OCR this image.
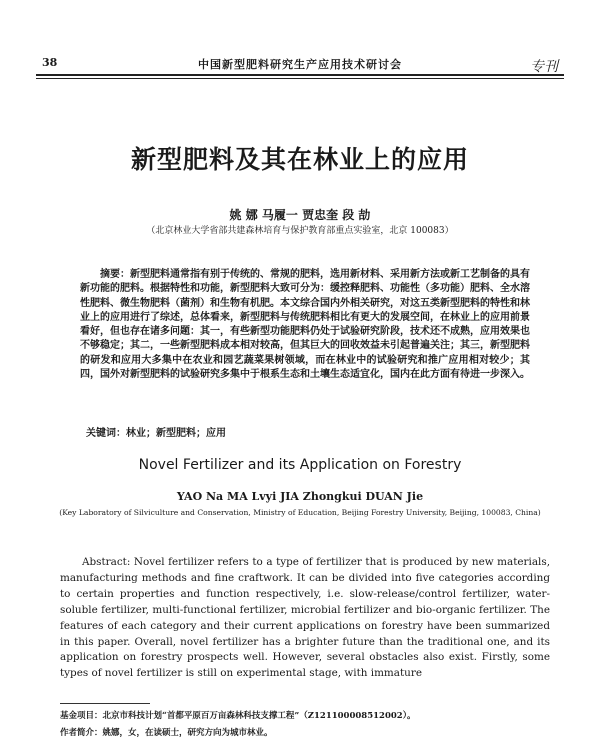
38	中国新型肥料研究生产应用技术研讨会	专刊
新型肥料及其在林业上的应用
姚 娜 马履一 贾忠奎 段 劼
（北京林业大学省部共建森林培育与保护教育部重点实验室，北京 100083）
摘要：新型肥料通常指有别于传统的、常规的肥料，选用新材料、采用新方法或新工艺制备的具有新功能的肥料。根据特性和功能，新型肥料大致可分为：缓控释肥料、功能性（多功能）肥料、全水溶性肥料、微生物肥料（菌剂）和生物有机肥。本文综合国内外相关研究，对这五类新型肥料的特性和林业上的应用进行了综述，总体看来，新型肥料与传统肥料相比有更大的发展空间，在林业上的应用前景看好，但也存在诸多问题：其一，有些新型功能肥料仍处于试验研究阶段，技术还不成熟，应用效果也不够稳定；其二，一些新型肥料成本相对较高，但其巨大的回收效益未引起普遍关注；其三，新型肥料的研发和应用大多集中在农业和园艺蔬菜果树领域，而在林业中的试验研究和推广应用相对较少；其四，国外对新型肥料的试验研究多集中于根系生态和土壤生态适宜化，国内在此方面有待进一步深入。
关键词：林业；新型肥料；应用
Novel Fertilizer and its Application on Forestry
YAO Na MA Lvyi JIA Zhongkui DUAN Jie
(Key Laboratory of Silviculture and Conservation, Ministry of Education, Beijing Forestry University, Beijing, 100083, China)
Abstract: Novel fertilizer refers to a type of fertilizer that is produced by new materials, manufacturing methods and fine craftwork. It can be divided into five categories according to certain properties and function respectively, i.e. slow-release/control fertilizer, water-soluble fertilizer, multi-functional fertilizer, microbial fertilizer and bio-organic fertilizer. The features of each category and their current applications on forestry have been summarized in this paper. Overall, novel fertilizer has a brighter future than the traditional one, and its application on forestry prospects well. However, several obstacles also exist. Firstly, some types of novel fertilizer is still on experimental stage, with immature
基金项目：北京市科技计划“首都平原百万亩森林科技支撑工程”（Z121100008512002）。
作者简介：姚娜，女，在读硕士，研究方向为城市林业。
